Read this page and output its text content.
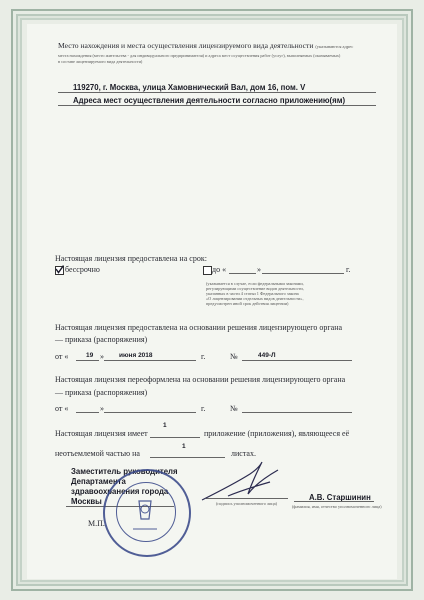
Место нахождения и места осуществления лицензируемого вида деятельности (указываются адрес
места нахождения (место жительства - для индивидуального предпринимателя) и адреса мест осуществления работ (услуг), выполняемых (оказываемых)
в составе лицензируемого вида деятельности)
119270, г. Москва, улица Хамовнический Вал, дом 16, пом. V
Адреса мест осуществления деятельности согласно приложению(ям)
Настоящая лицензия предоставлена на срок:
бессрочно	до «	»	г.
(указывается в случае, если федеральными законами,
регулирующими осуществление видов деятельности,
указанных в части 4 статьи 1 Федерального закона
«О лицензировании отдельных видов деятельности»,
предусмотрен иной срок действия лицензии)
Настоящая лицензия предоставлена на основании решения лицензирующего органа
— приказа (распоряжения)
от «	19 » июня 2018	г.	№	449-Л
Настоящая лицензия переоформлена на основании решения лицензирующего органа
— приказа (распоряжения)
от «	»	г.	№
Настоящая лицензия имеет
1
приложение (приложения), являющееся её
неотъемлемой частью на
1
листах.
Заместитель руководителя
Департамента
здравоохранения города
Москвы	(подпись уполномоченного лица)
А.В. Старшинин
(фамилия, имя, отчество уполномоченного лица)
М.П.
